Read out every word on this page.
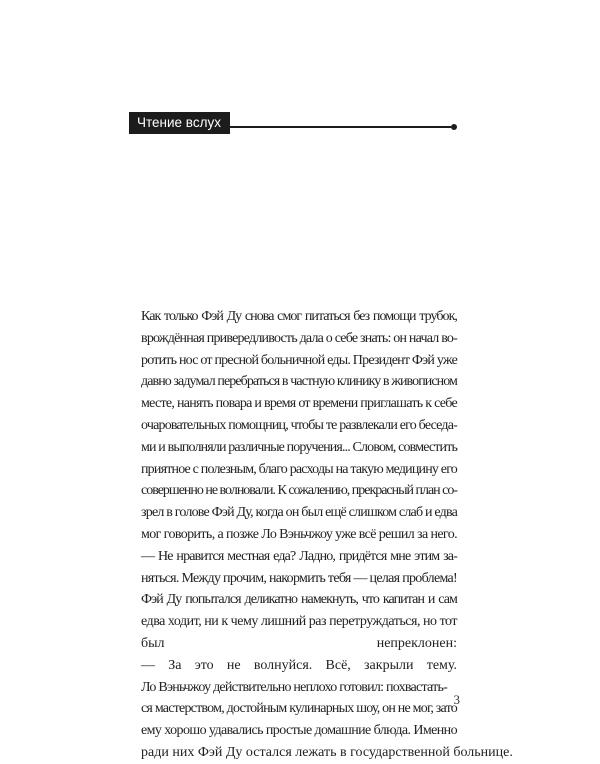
Чтение вслух

Как только Фэй Ду снова смог питаться без помощи трубок,
врождённая привередливость дала о себе знать: он начал во-
ротить нос от пресной больничной еды. Президент Фэй уже
давно задумал перебраться в частную клинику в живописном
месте, нанять повара и время от времени приглашать к себе
очаровательных помощниц, чтобы те развлекали его беседа-
ми и выполняли различные поручения... Словом, совместить
приятное с полезным, благо расходы на такую медицину его
совершенно не волновали. К сожалению, прекрасный план со-
зрел в голове Фэй Ду, когда он был ещё слишком слаб и едва
мог говорить, а позже Ло Вэньчжоу уже всё решил за него.

— Не нравится местная еда? Ладно, придётся мне этим за-
няться. Между прочим, накормить тебя — целая проблема!

Фэй Ду попытался деликатно намекнуть, что капитан и сам
едва ходит, ни к чему лишний раз перетруждаться, но тот
был непреклонен:

— За это не волнуйся. Всё, закрыли тему.

Ло Вэньчжоу действительно неплохо готовил: похвастать-
ся мастерством, достойным кулинарных шоу, он не мог, зато
ему хорошо удавались простые домашние блюда. Именно
ради них Фэй Ду остался лежать в государственной больнице.

3
